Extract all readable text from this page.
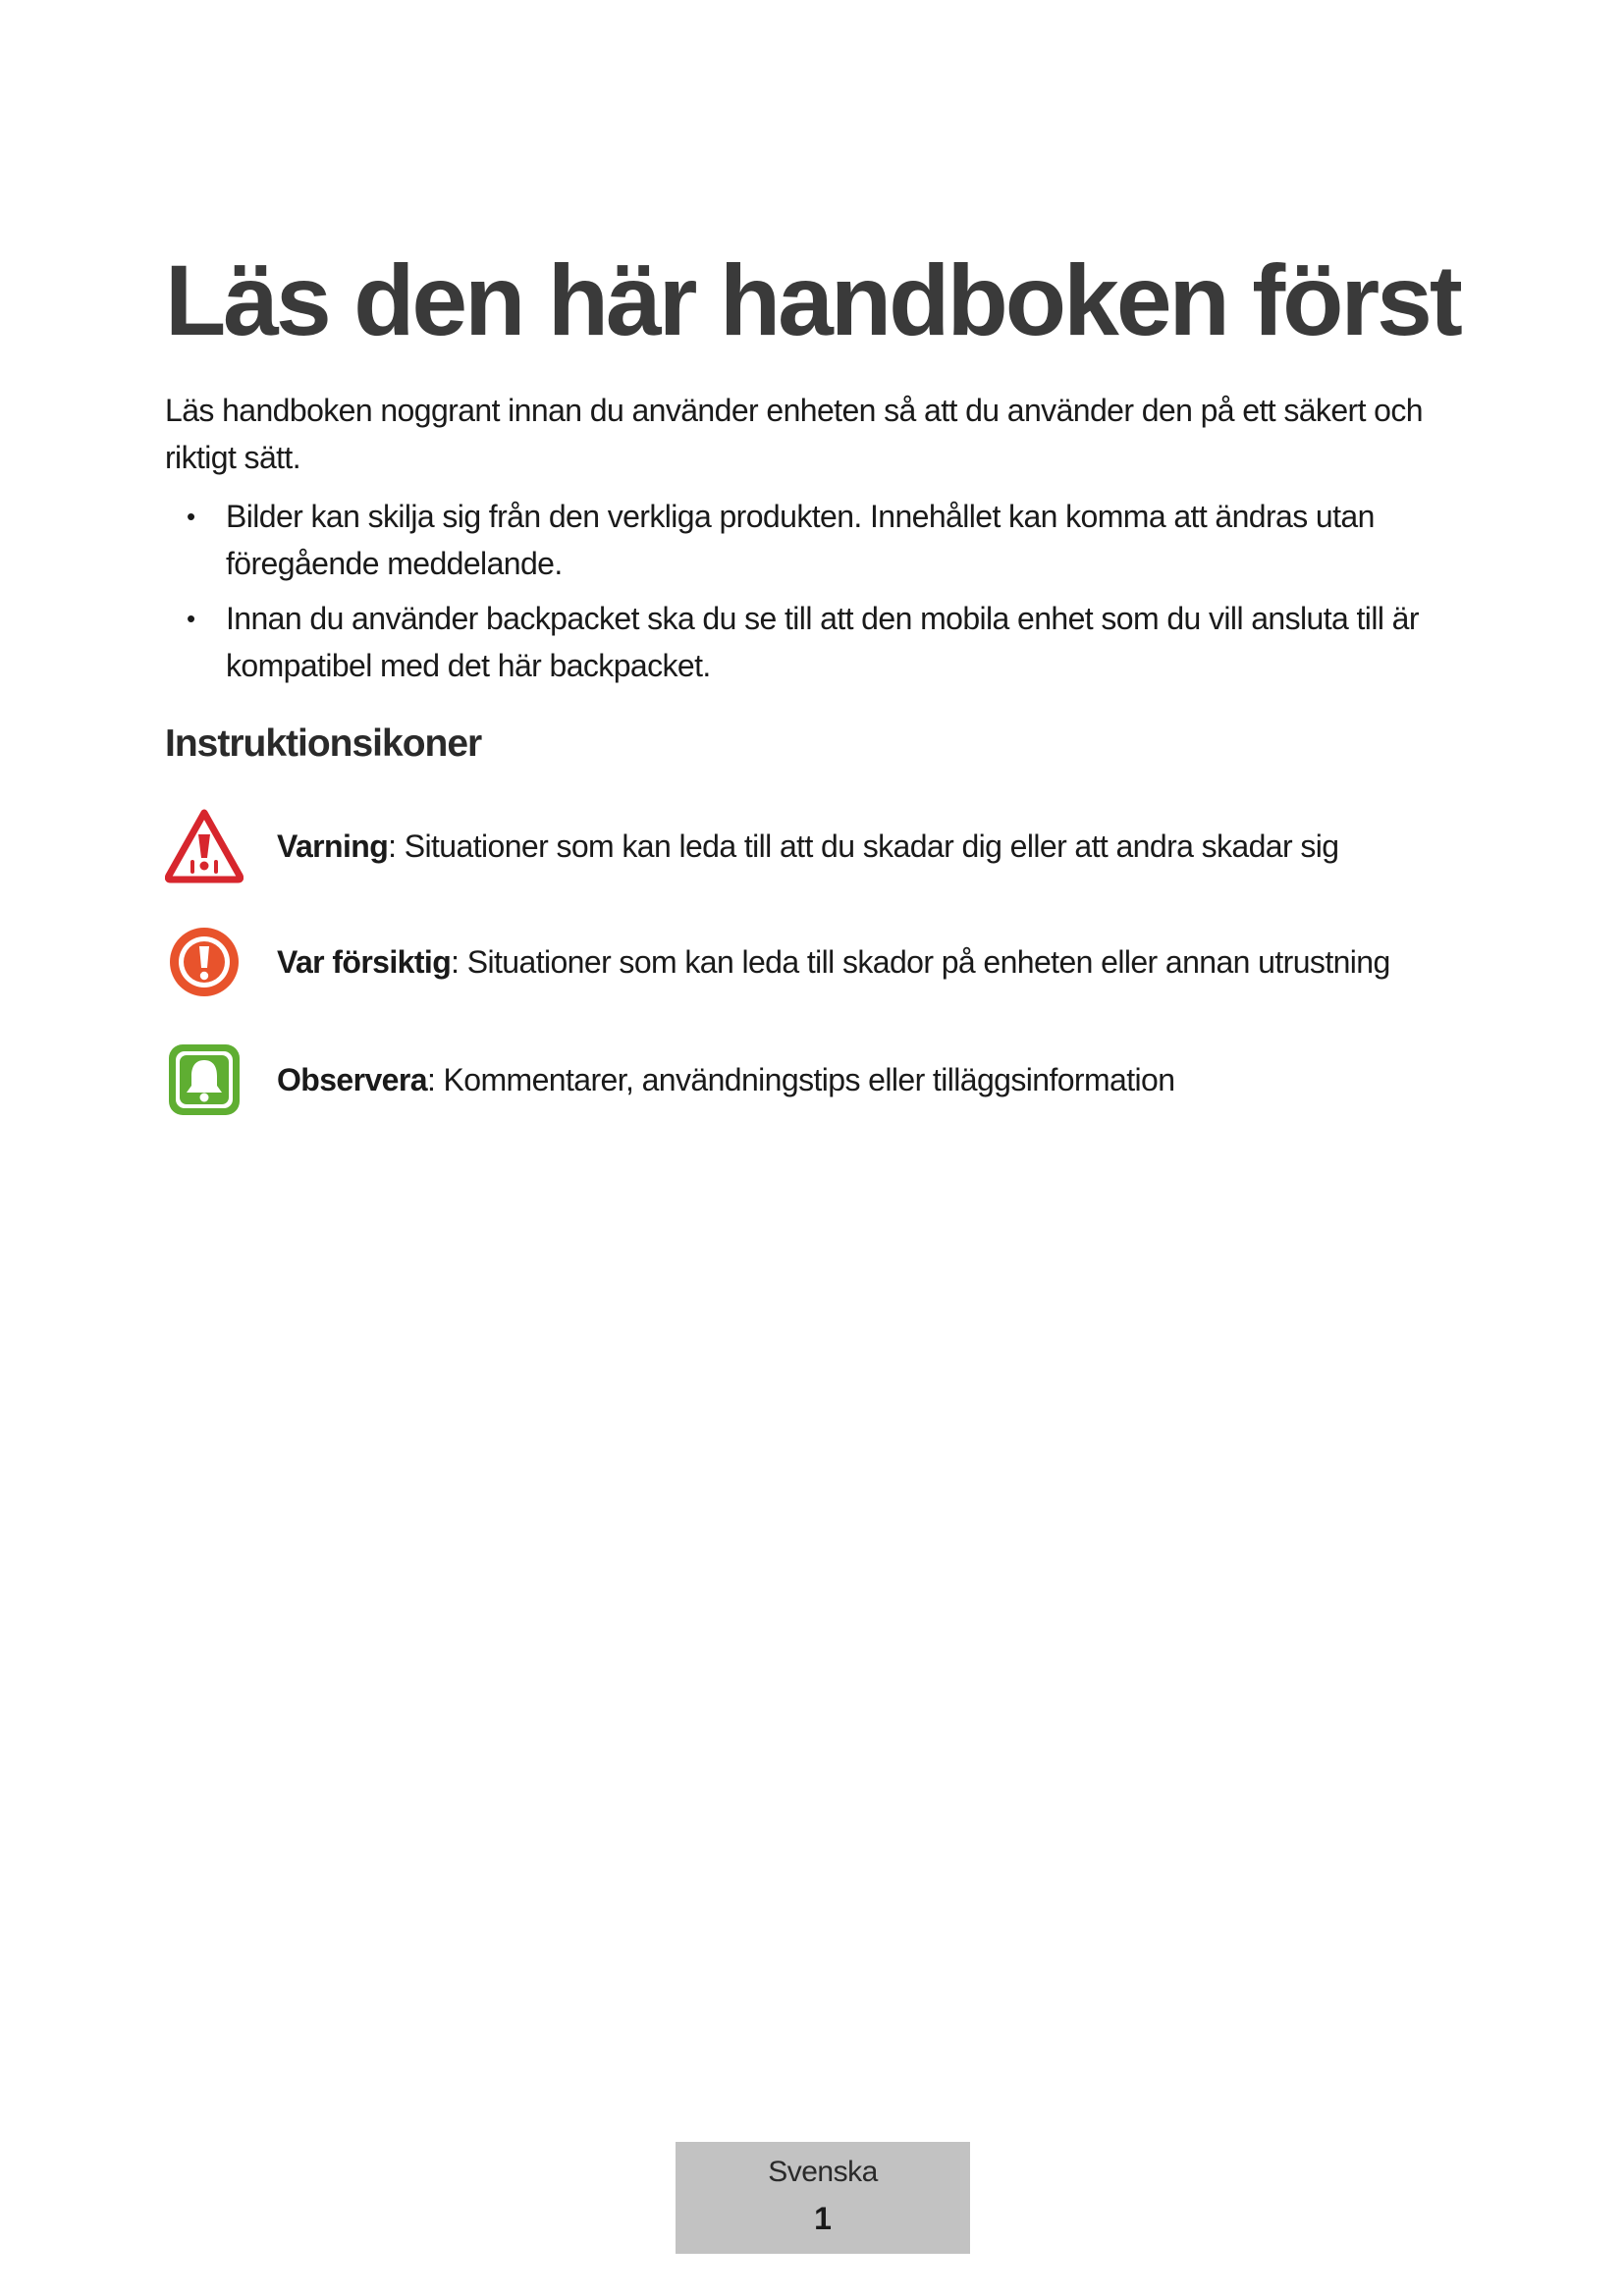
Läs den här handboken först

Läs handboken noggrant innan du använder enheten så att du använder den på ett säkert och riktigt sätt.

• Bilder kan skilja sig från den verkliga produkten. Innehållet kan komma att ändras utan föregående meddelande.
• Innan du använder backpacket ska du se till att den mobila enhet som du vill ansluta till är kompatibel med det här backpacket.
Instruktionsikoner
Varning: Situationer som kan leda till att du skadar dig eller att andra skadar sig
Var försiktig: Situationer som kan leda till skador på enheten eller annan utrustning
Observera: Kommentarer, användningstips eller tilläggsinformation
Svenska
1
